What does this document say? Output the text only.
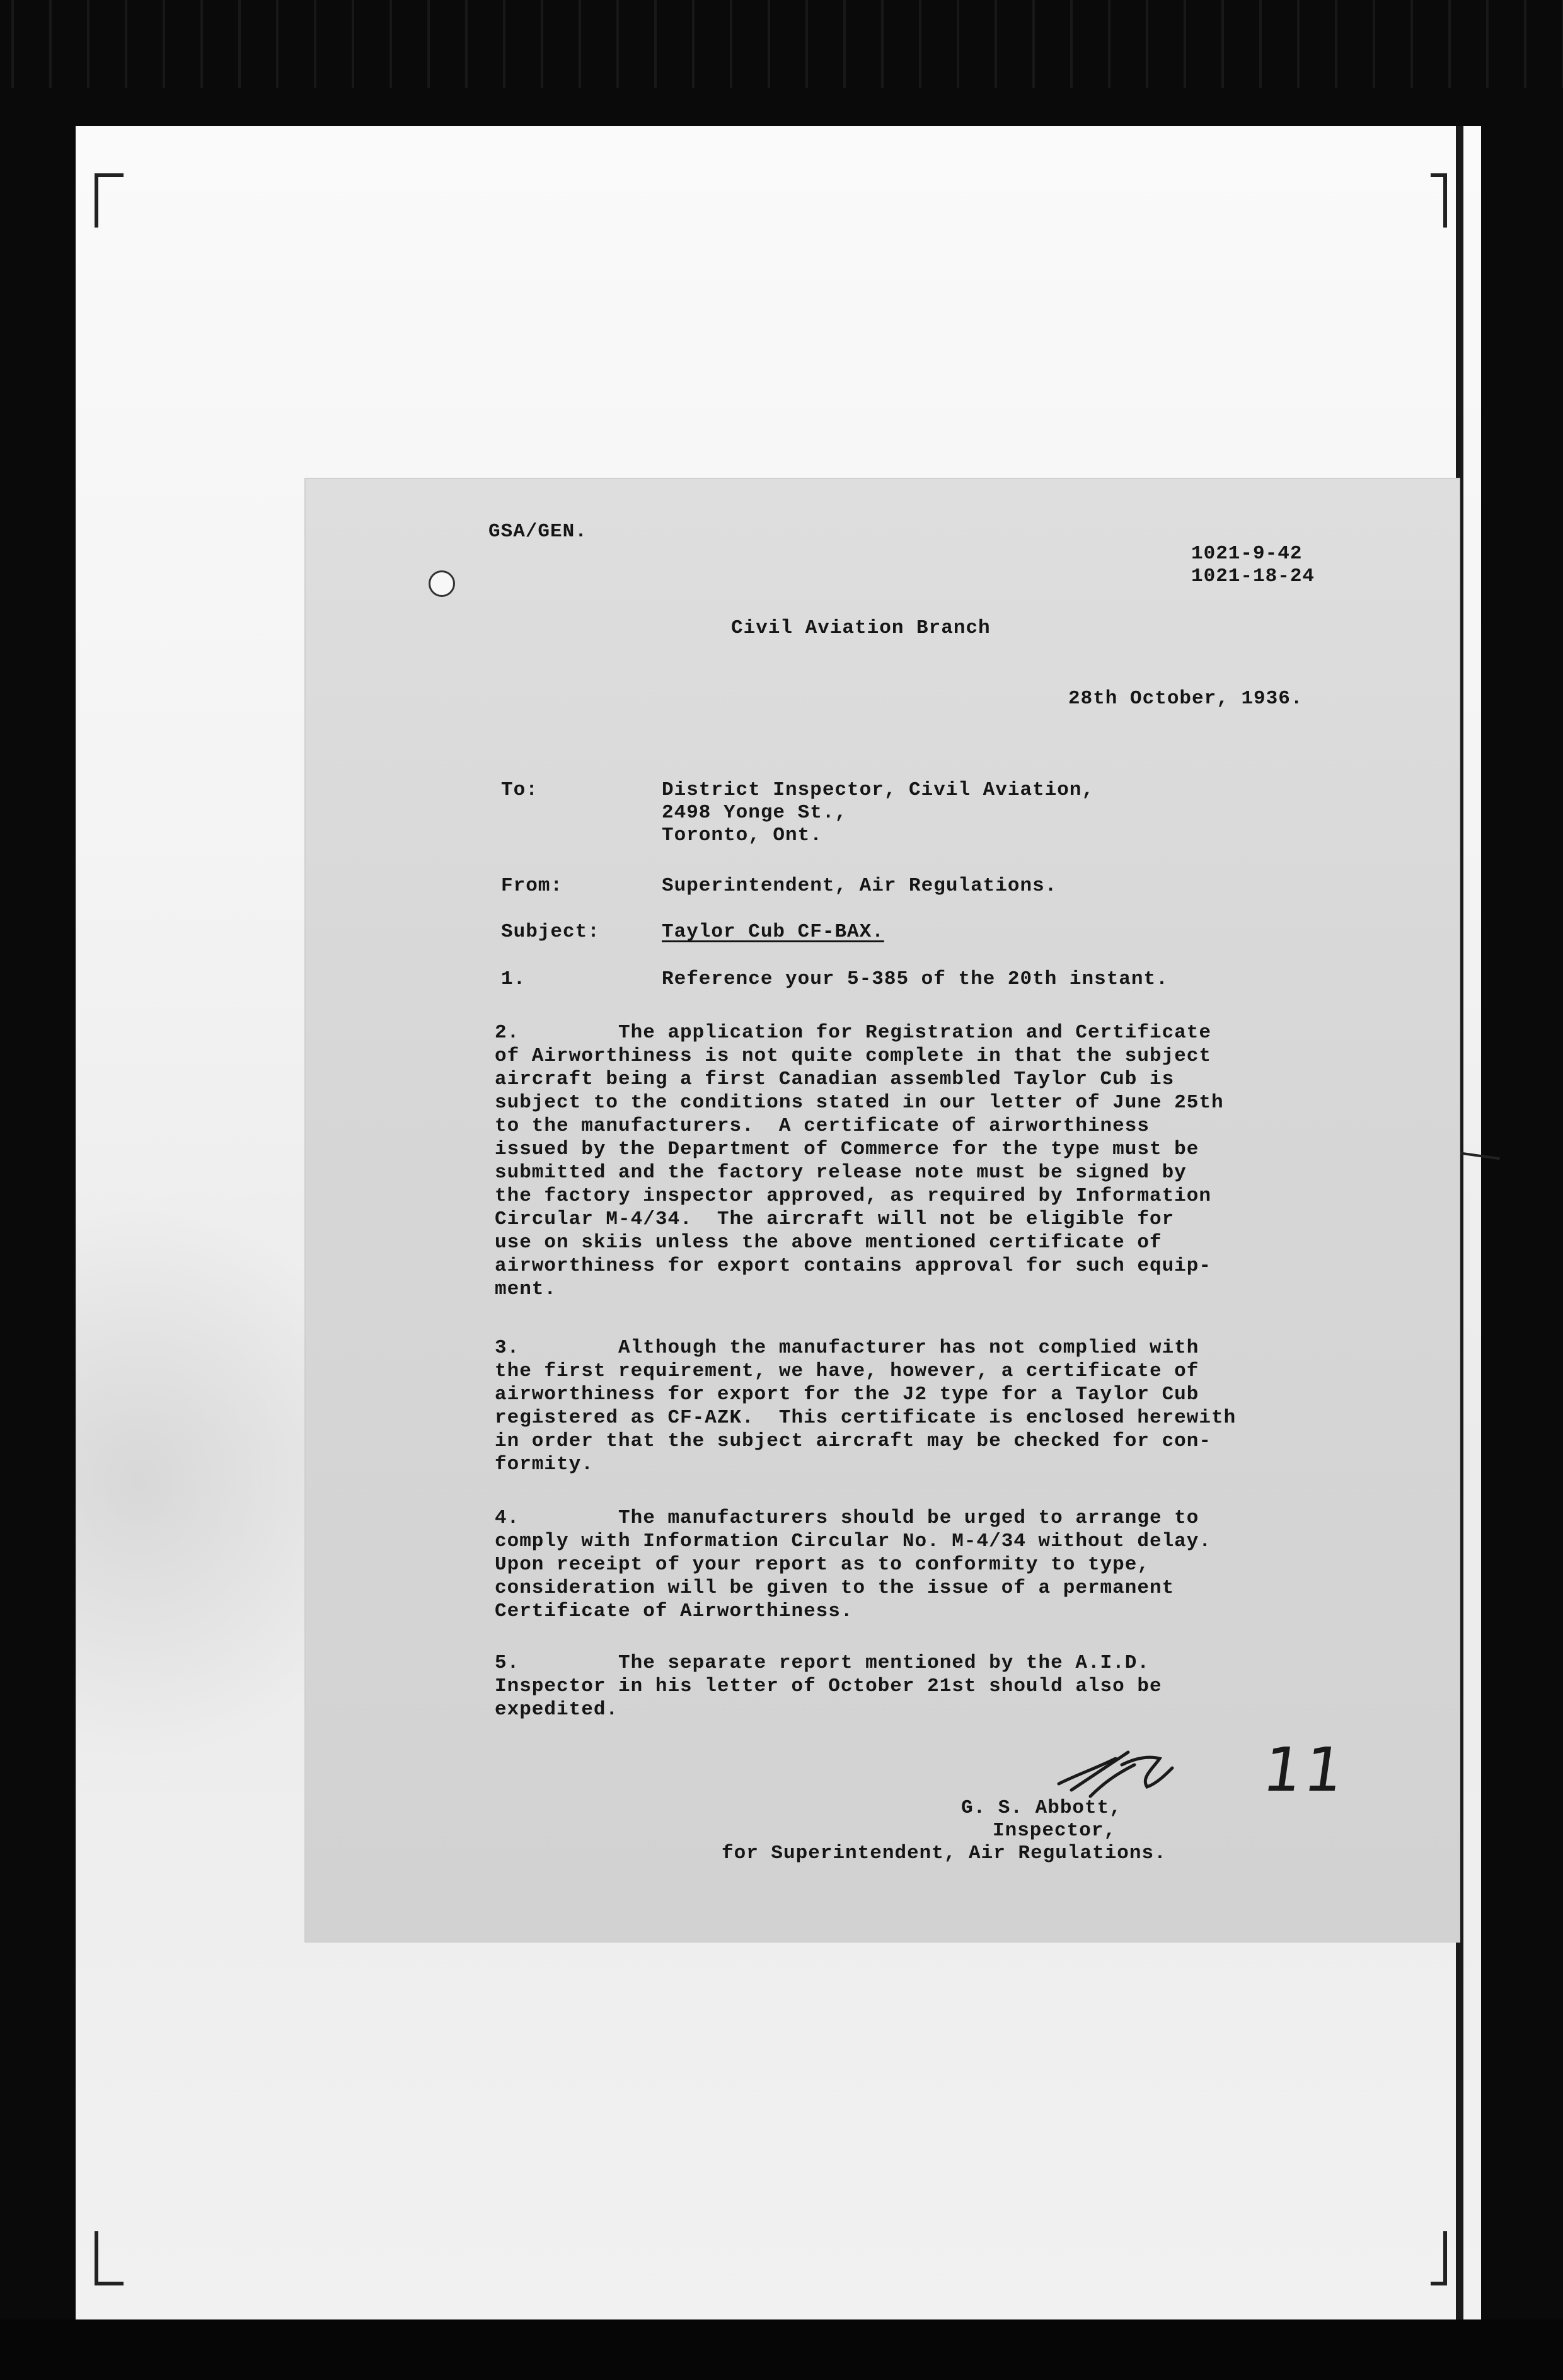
GSA/GEN.
1021-9-42
1021-18-24
Civil Aviation Branch
28th October, 1936.
To:	District Inspector, Civil Aviation,
2498 Yonge St.,
Toronto, Ont.
From:	Superintendent, Air Regulations.
Subject:	Taylor Cub CF-BAX.
1.	Reference your 5-385 of the 20th instant.
2.        The application for Registration and Certificate
of Airworthiness is not quite complete in that the subject
aircraft being a first Canadian assembled Taylor Cub is
subject to the conditions stated in our letter of June 25th
to the manufacturers.  A certificate of airworthiness
issued by the Department of Commerce for the type must be
submitted and the factory release note must be signed by
the factory inspector approved, as required by Information
Circular M-4/34.  The aircraft will not be eligible for
use on skiis unless the above mentioned certificate of
airworthiness for export contains approval for such equip-
ment.
3.        Although the manufacturer has not complied with
the first requirement, we have, however, a certificate of
airworthiness for export for the J2 type for a Taylor Cub
registered as CF-AZK.  This certificate is enclosed herewith
in order that the subject aircraft may be checked for con-
formity.
4.        The manufacturers should be urged to arrange to
comply with Information Circular No. M-4/34 without delay.
Upon receipt of your report as to conformity to type,
consideration will be given to the issue of a permanent
Certificate of Airworthiness.
5.        The separate report mentioned by the A.I.D.
Inspector in his letter of October 21st should also be
expedited.
11
G. S. Abbott,
Inspector,
for Superintendent, Air Regulations.
